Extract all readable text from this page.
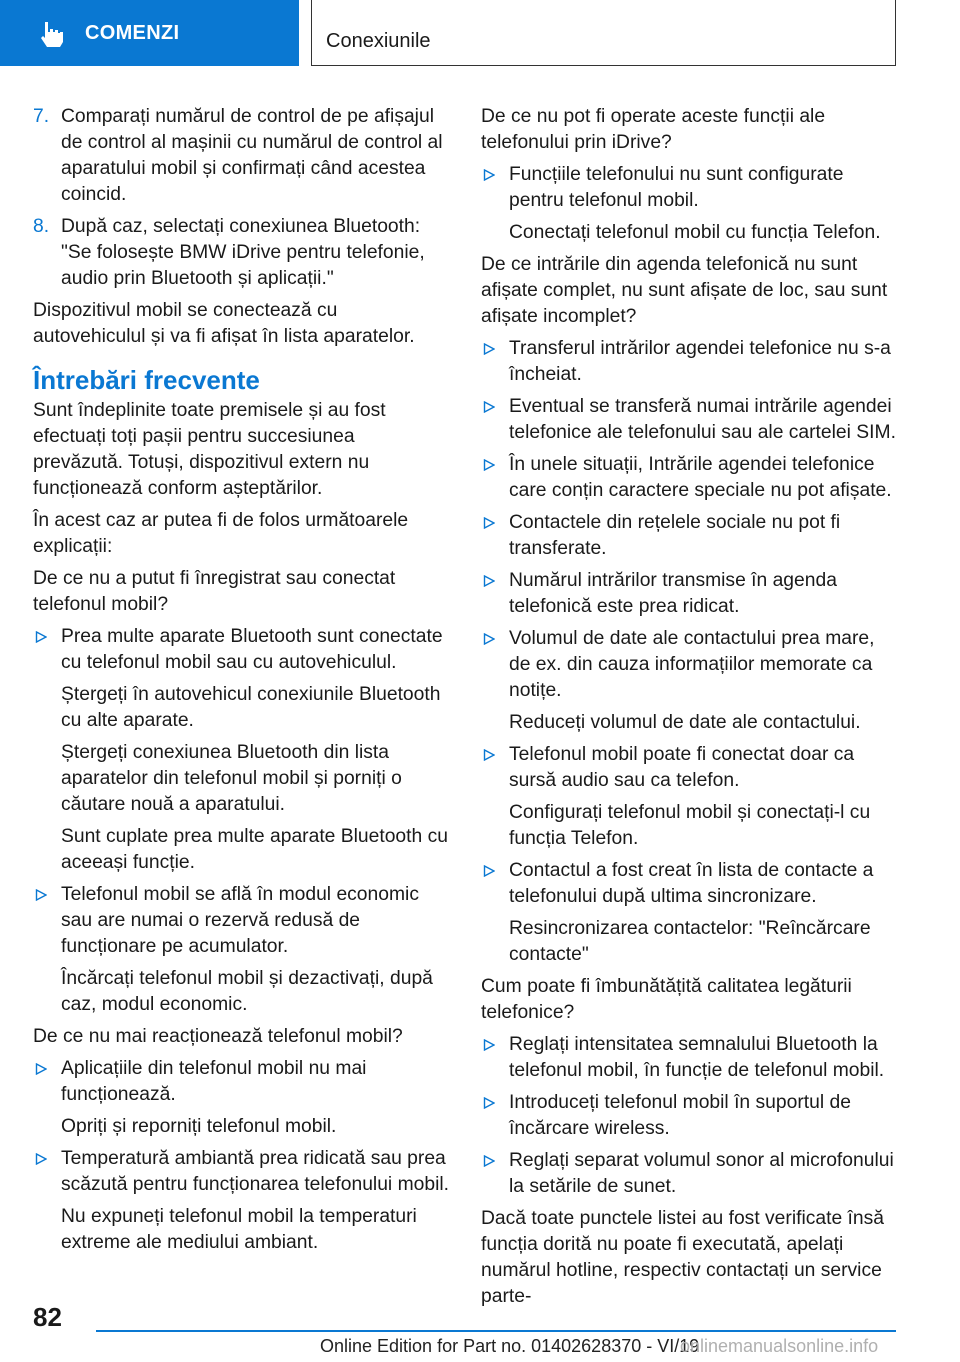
COMENZI	Conexiunile
7. Comparați numărul de control de pe afișajul de control al mașinii cu numărul de control al aparatului mobil și confirmați când acestea coincid.
8. După caz, selectați conexiunea Bluetooth: "Se folosește BMW iDrive pentru telefonie, audio prin Bluetooth și aplicații."

Dispozitivul mobil se conectează cu autovehiculul și va fi afișat în lista aparatelor.

Întrebări frecvente

Sunt îndeplinite toate premisele și au fost efectuați toți pașii pentru succesiunea prevăzută. Totuși, dispozitivul extern nu funcționează conform așteptărilor.

În acest caz ar putea fi de folos următoarele explicații:

De ce nu a putut fi înregistrat sau conectat telefonul mobil?

Prea multe aparate Bluetooth sunt conectate cu telefonul mobil sau cu autovehiculul.

Ștergeți în autovehicul conexiunile Bluetooth cu alte aparate.

Ștergeți conexiunea Bluetooth din lista aparatelor din telefonul mobil și porniți o căutare nouă a aparatului.

Sunt cuplate prea multe aparate Bluetooth cu aceeași funcție.

Telefonul mobil se află în modul economic sau are numai o rezervă redusă de funcționare pe acumulator.

Încărcați telefonul mobil și dezactivați, după caz, modul economic.

De ce nu mai reacționează telefonul mobil?

Aplicațiile din telefonul mobil nu mai funcționează.

Opriți și reporniți telefonul mobil.

Temperatură ambiantă prea ridicată sau prea scăzută pentru funcționarea telefonului mobil.

Nu expuneți telefonul mobil la temperaturi extreme ale mediului ambiant.

De ce nu pot fi operate aceste funcții ale telefonului prin iDrive?

Funcțiile telefonului nu sunt configurate pentru telefonul mobil.

Conectați telefonul mobil cu funcția Telefon.

De ce intrările din agenda telefonică nu sunt afișate complet, nu sunt afișate de loc, sau sunt afișate incomplet?

Transferul intrărilor agendei telefonice nu s-a încheiat.
Eventual se transferă numai intrările agendei telefonice ale telefonului sau ale cartelei SIM.
În unele situații, Intrările agendei telefonice care conțin caractere speciale nu pot afișate.
Contactele din rețelele sociale nu pot fi transferate.
Numărul intrărilor transmise în agenda telefonică este prea ridicat.
Volumul de date ale contactului prea mare, de ex. din cauza informațiilor memorate ca notițe.

Reduceți volumul de date ale contactului.

Telefonul mobil poate fi conectat doar ca sursă audio sau ca telefon.

Configurați telefonul mobil și conectați-l cu funcția Telefon.

Contactul a fost creat în lista de contacte a telefonului după ultima sincronizare.

Resincronizarea contactelor: "Reîncărcare contacte"

Cum poate fi îmbunătățită calitatea legăturii telefonice?

Reglați intensitatea semnalului Bluetooth la telefonul mobil, în funcție de telefonul mobil.
Introduceți telefonul mobil în suportul de încărcare wireless.
Reglați separat volumul sonor al microfonului la setările de sunet.

Dacă toate punctele listei au fost verificate însă funcția dorită nu poate fi executată, apelați numărul hotline, respectiv contactați un service parte-

82
Online Edition for Part no. 01402628370 - VI/19
onlinemanualsonline.info
